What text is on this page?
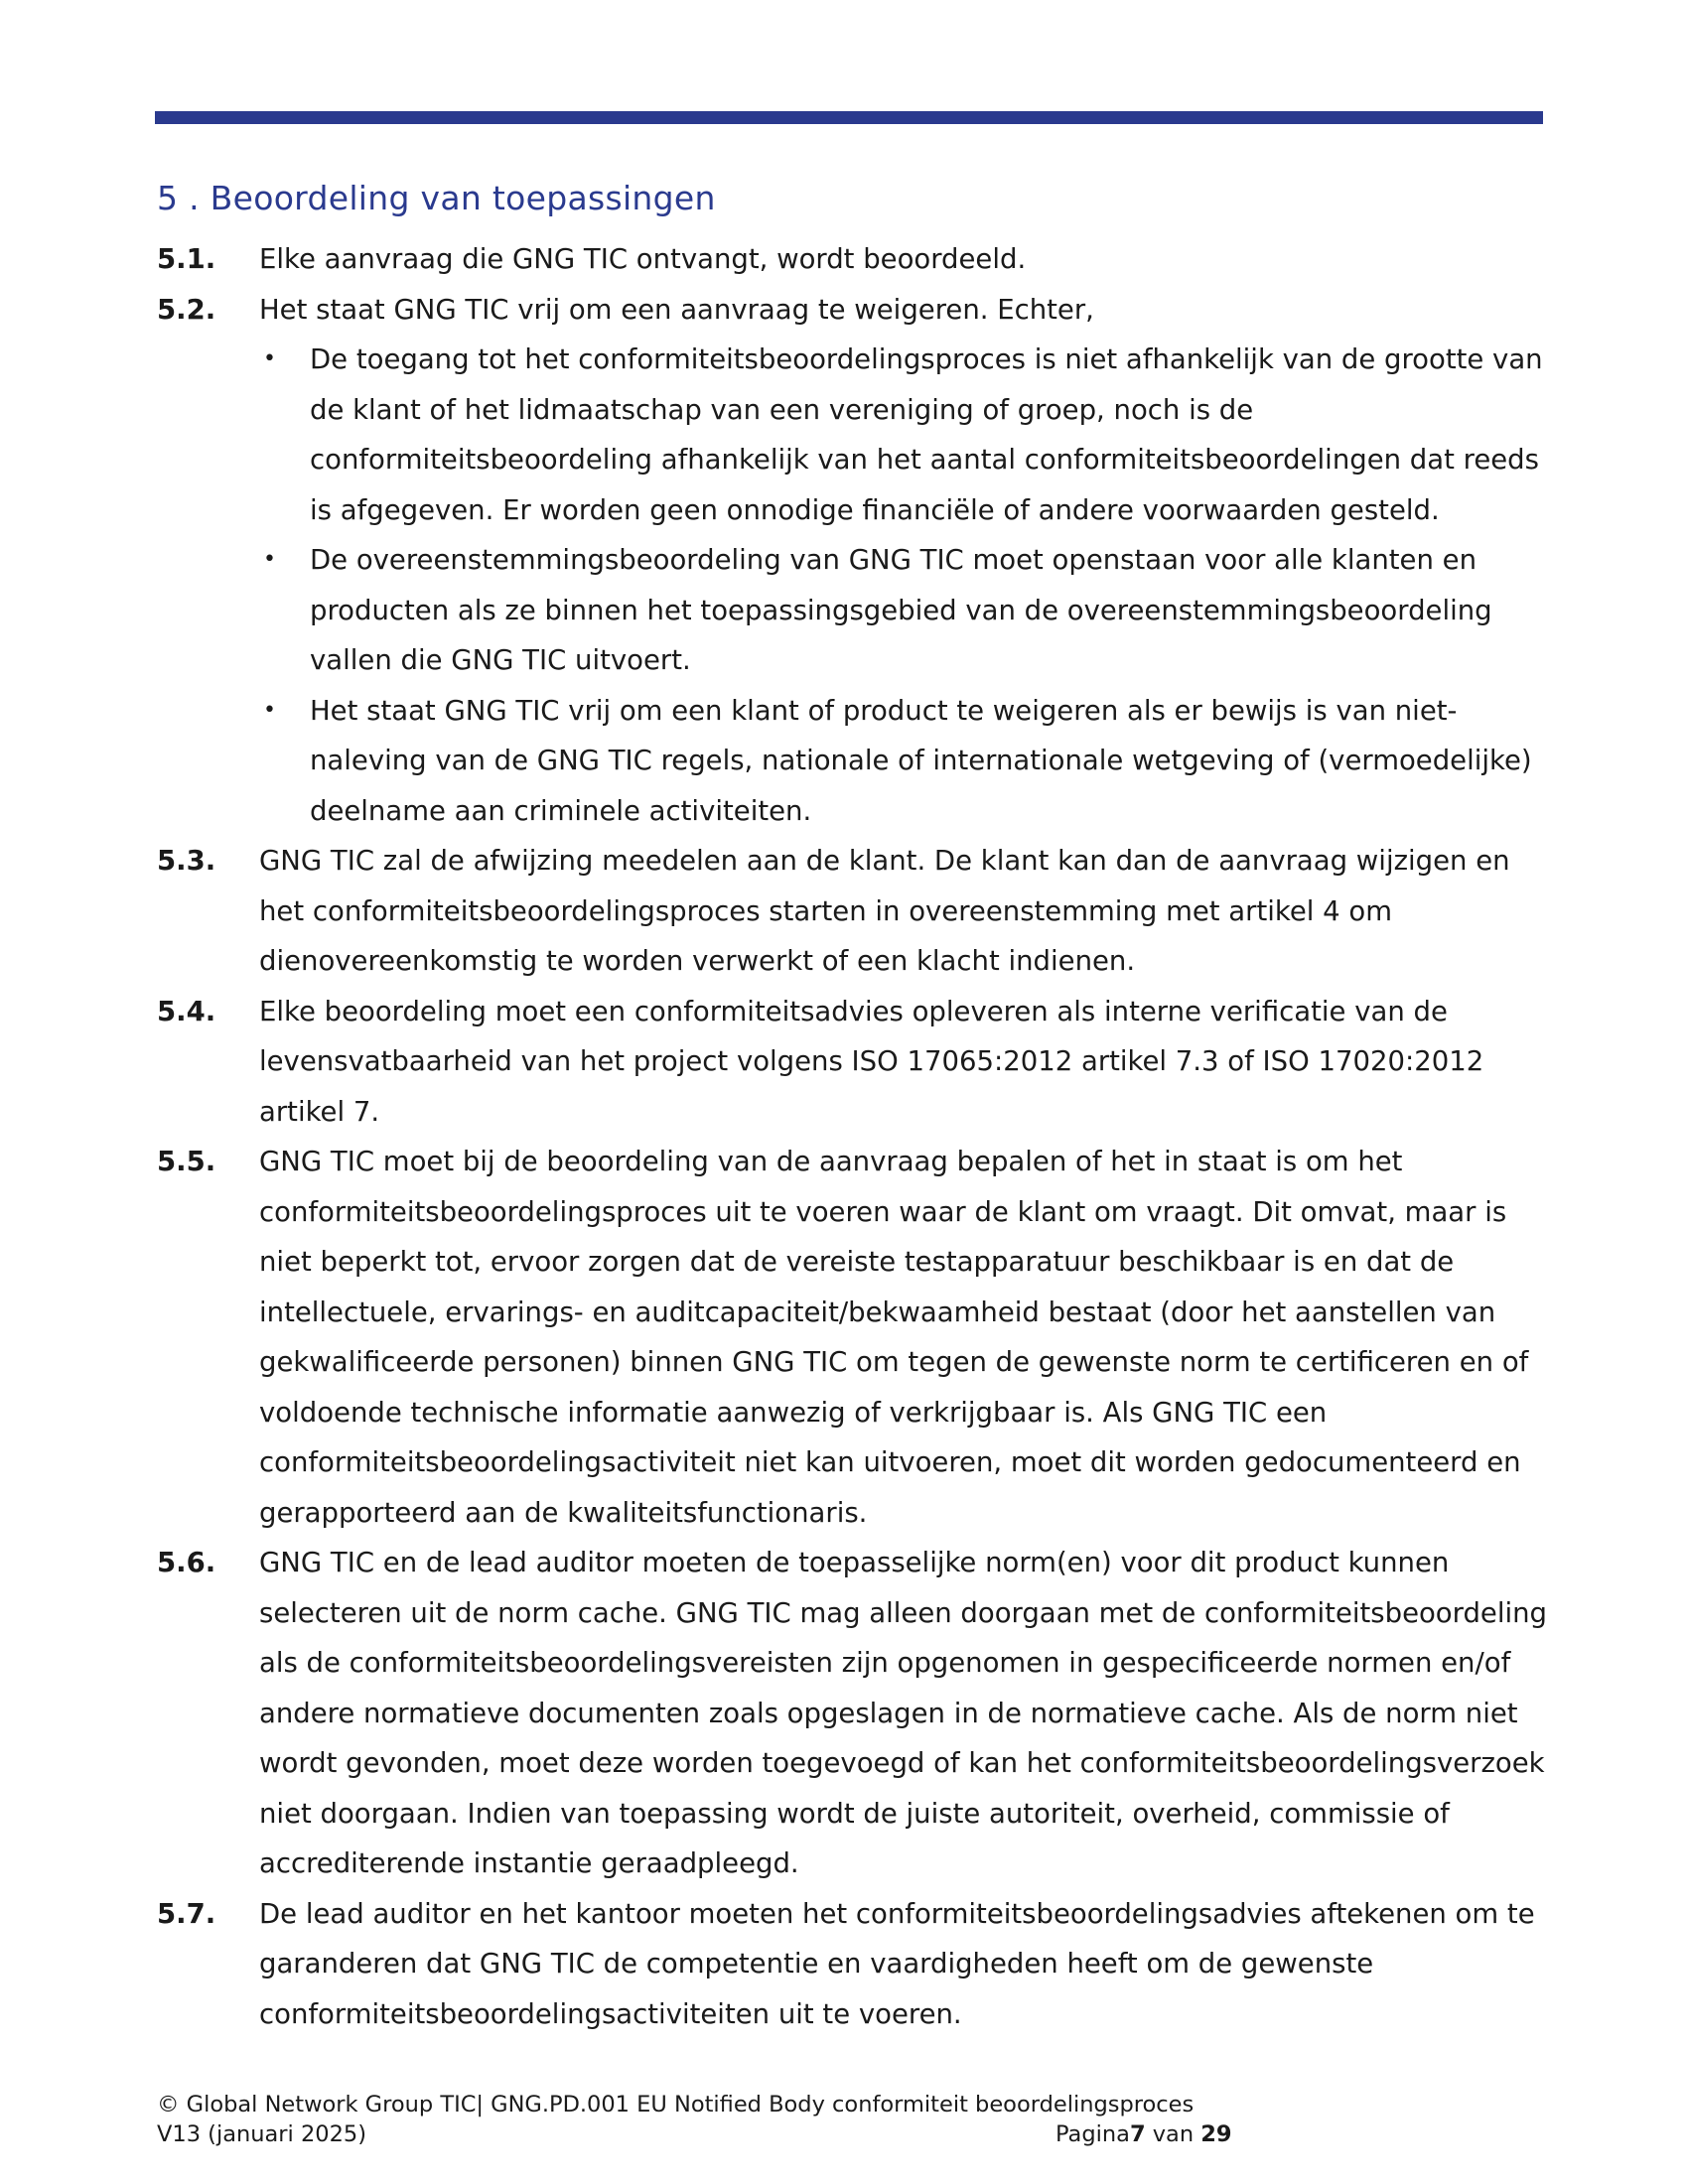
5 . Beoordeling van toepassingen
5.1.	Elke aanvraag die GNG TIC ontvangt, wordt beoordeeld.
5.2.	Het staat GNG TIC vrij om een aanvraag te weigeren. Echter,
•	De toegang tot het conformiteitsbeoordelingsproces is niet afhankelijk van de grootte van de klant of het lidmaatschap van een vereniging of groep, noch is de conformiteitsbeoordeling afhankelijk van het aantal conformiteitsbeoordelingen dat reeds is afgegeven. Er worden geen onnodige financiële of andere voorwaarden gesteld.
•	De overeenstemmingsbeoordeling van GNG TIC moet openstaan voor alle klanten en producten als ze binnen het toepassingsgebied van de overeenstemmingsbeoordeling vallen die GNG TIC uitvoert.
•	Het staat GNG TIC vrij om een klant of product te weigeren als er bewijs is van niet-naleving van de GNG TIC regels, nationale of internationale wetgeving of (vermoedelijke) deelname aan criminele activiteiten.
5.3.	GNG TIC zal de afwijzing meedelen aan de klant. De klant kan dan de aanvraag wijzigen en het conformiteitsbeoordelingsproces starten in overeenstemming met artikel 4 om dienovereenkomstig te worden verwerkt of een klacht indienen.
5.4.	Elke beoordeling moet een conformiteitsadvies opleveren als interne verificatie van de levensvatbaarheid van het project volgens ISO 17065:2012 artikel 7.3 of ISO 17020:2012 artikel 7.
5.5.	GNG TIC moet bij de beoordeling van de aanvraag bepalen of het in staat is om het conformiteitsbeoordelingsproces uit te voeren waar de klant om vraagt. Dit omvat, maar is niet beperkt tot, ervoor zorgen dat de vereiste testapparatuur beschikbaar is en dat de intellectuele, ervarings- en auditcapaciteit/bekwaamheid bestaat (door het aanstellen van gekwalificeerde personen) binnen GNG TIC om tegen de gewenste norm te certificeren en of voldoende technische informatie aanwezig of verkrijgbaar is. Als GNG TIC een conformiteitsbeoordelingsactiviteit niet kan uitvoeren, moet dit worden gedocumenteerd en gerapporteerd aan de kwaliteitsfunctionaris.
5.6.	GNG TIC en de lead auditor moeten de toepasselijke norm(en) voor dit product kunnen selecteren uit de norm cache. GNG TIC mag alleen doorgaan met de conformiteitsbeoordeling als de conformiteitsbeoordelingsvereisten zijn opgenomen in gespecificeerde normen en/of andere normatieve documenten zoals opgeslagen in de normatieve cache. Als de norm niet wordt gevonden, moet deze worden toegevoegd of kan het conformiteitsbeoordelingsverzoek niet doorgaan. Indien van toepassing wordt de juiste autoriteit, overheid, commissie of accrediterende instantie geraadpleegd.
5.7.	De lead auditor en het kantoor moeten het conformiteitsbeoordelingsadvies aftekenen om te garanderen dat GNG TIC de competentie en vaardigheden heeft om de gewenste conformiteitsbeoordelingsactiviteiten uit te voeren.
© Global Network Group TIC| GNG.PD.001 EU Notified Body conformiteit beoordelingsproces
V13 (januari 2025)	Pagina7 van 29
